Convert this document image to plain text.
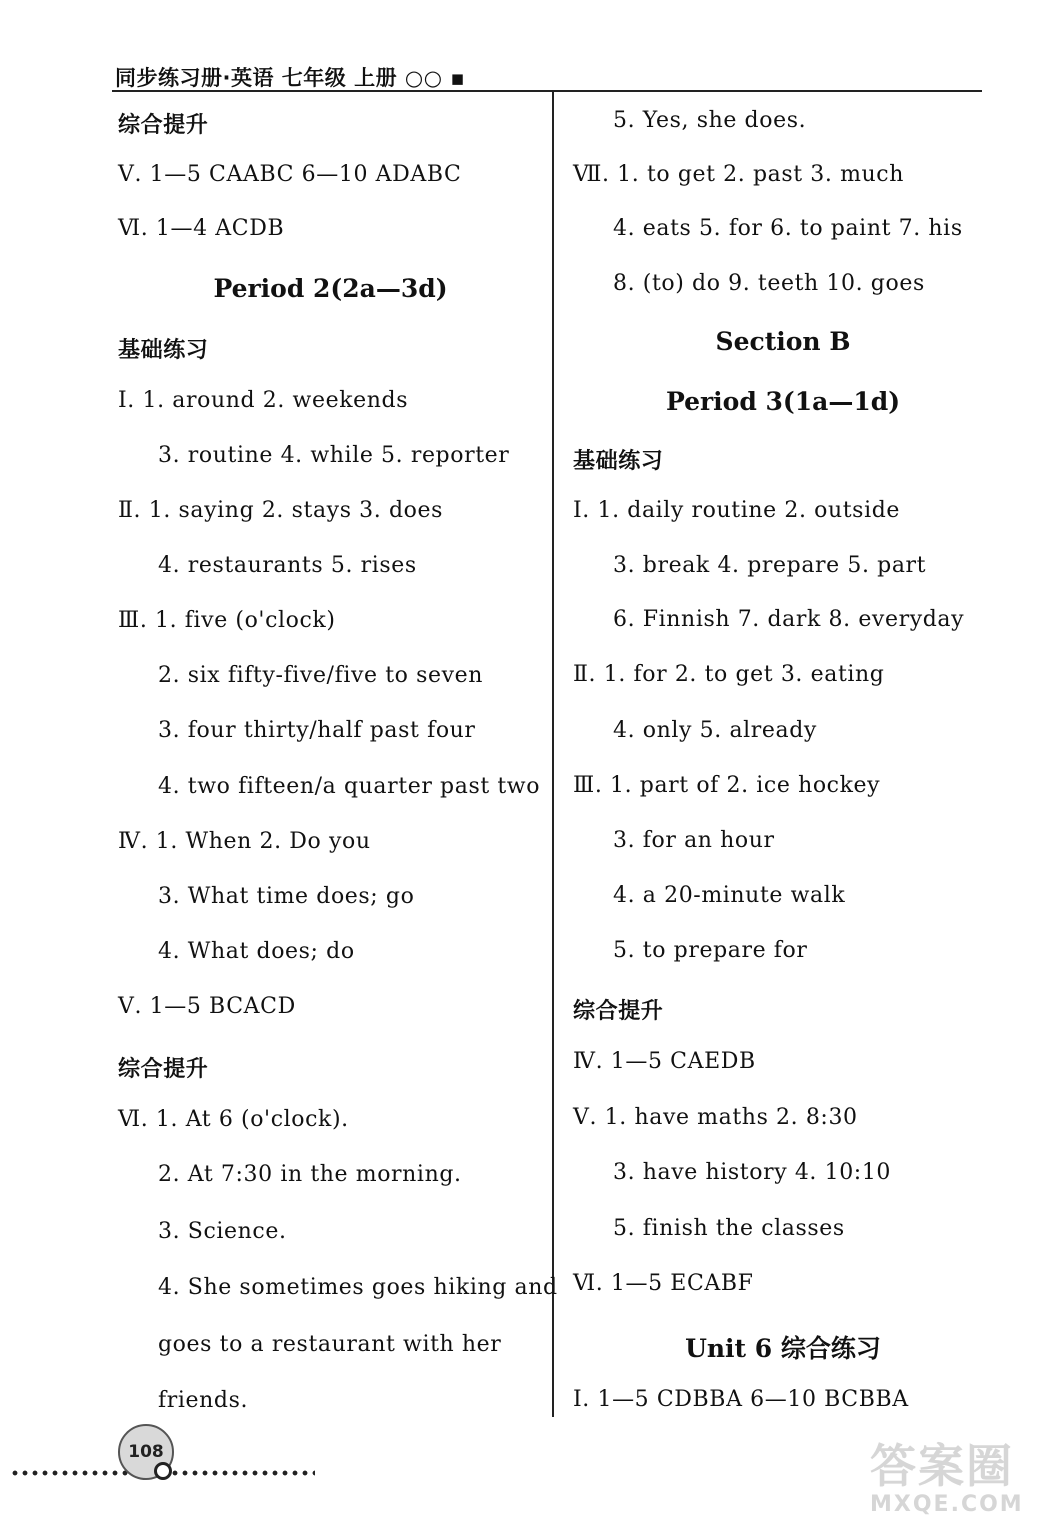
同步练习册·英语 七年级 上册 ○○ ▪
综合提升
Ⅴ. 1—5 CAABC 6—10 ADABC
Ⅵ. 1—4 ACDB
Period 2(2a—3d)
基础练习
Ⅰ. 1. around 2. weekends
3. routine 4. while 5. reporter
Ⅱ. 1. saying 2. stays 3. does
4. restaurants 5. rises
Ⅲ. 1. five (o'clock)
2. six fifty-five/five to seven
3. four thirty/half past four
4. two fifteen/a quarter past two
Ⅳ. 1. When 2. Do you
3. What time does; go
4. What does; do
Ⅴ. 1—5 BCACD
综合提升
Ⅵ. 1. At 6 (o'clock).
2. At 7:30 in the morning.
3. Science.
4. She sometimes goes hiking and
goes to a restaurant with her
friends.
5. Yes, she does.
Ⅶ. 1. to get 2. past 3. much
4. eats 5. for 6. to paint 7. his
8. (to) do 9. teeth 10. goes
Section B
Period 3(1a—1d)
基础练习
Ⅰ. 1. daily routine 2. outside
3. break 4. prepare 5. part
6. Finnish 7. dark 8. everyday
Ⅱ. 1. for 2. to get 3. eating
4. only 5. already
Ⅲ. 1. part of 2. ice hockey
3. for an hour
4. a 20-minute walk
5. to prepare for
综合提升
Ⅳ. 1—5 CAEDB
Ⅴ. 1. have maths 2. 8:30
3. have history 4. 10:10
5. finish the classes
Ⅵ. 1—5 ECABF
Unit 6 综合练习
Ⅰ. 1—5 CDBBA 6—10 BCBBA
108	答案圈
MXQE.COM
